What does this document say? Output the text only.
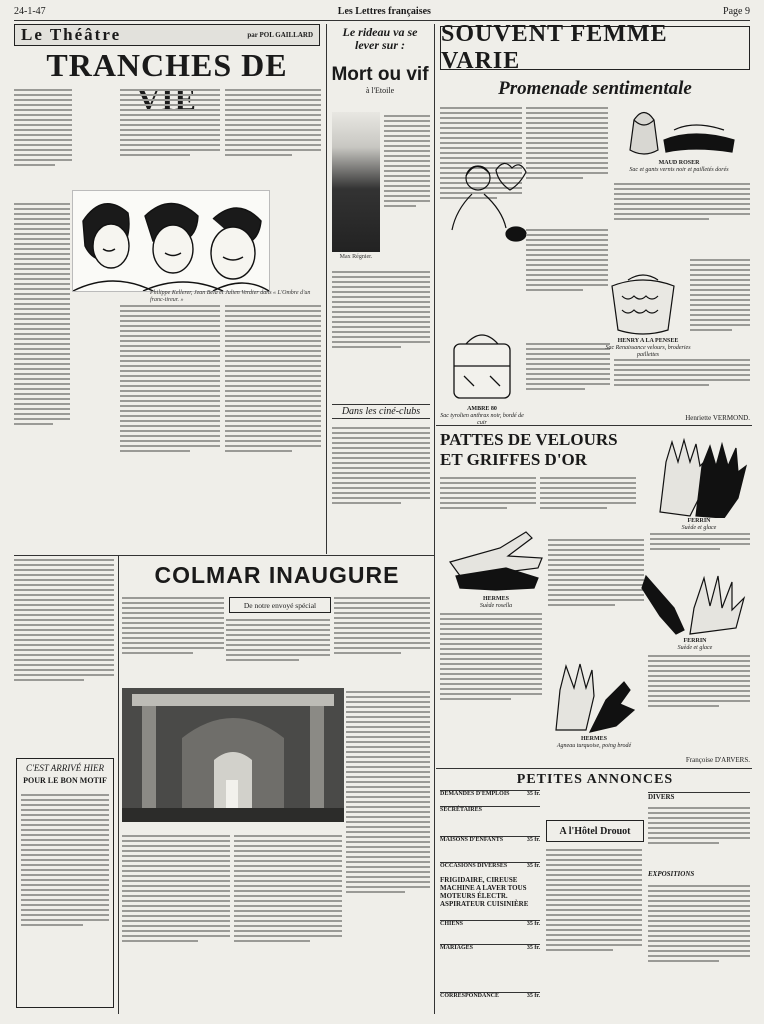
24-1-47	Les Lettres françaises	Page 9
Le Théâtre	par POL GAILLARD
TRANCHES DE
Philippe Kellerer, Jean Bela et Julien Verdier dans « L'Ombre d'un franc-tireur. »
Le rideau va se lever sur :
Mort ou vif
à l'Etoile
Max Régnier.
Dans les ciné-clubs
COLMAR INAUGURE
De notre envoyé spécial
C'EST ARRIVÉ HIER
POUR LE BON MOTIF
SOUVENT FEMME VARIE
Promenade sentimentale
MAUD ROSER
Sac et gants vernis noir et pailletés dorés
AMBRE 80
Sac tyrolien anthrax noir, bordé de cuir
HENRY A LA PENSEE
Sac Renaissance velours, broderies paillettes
Henriette VERMOND.
PATTES DE VELOURS ET GRIFFES D'OR
HERMES
Suède rosella
FERRIN
Suède et glace
FERRIN
Suède et glace
HERMES
Agneau turquoise, poing brodé
Françoise D'ARVERS.
PETITES ANNONCES
DEMANDES D'EMPLOIS	35 fr.
SECRÉTAIRES
MAISONS D'ENFANTS	35 fr.
OCCASIONS DIVERSES	35 fr.
FRIGIDAIRE, CIREUSE MACHINE A LAVER TOUS MOTEURS ÉLECTR. ASPIRATEUR CUISINIÈRE
CHIENS	35 fr.
MARIAGES	35 fr.
CORRESPONDANCE	35 fr.
A l'Hôtel Drouot
DIVERS
EXPOSITIONS
